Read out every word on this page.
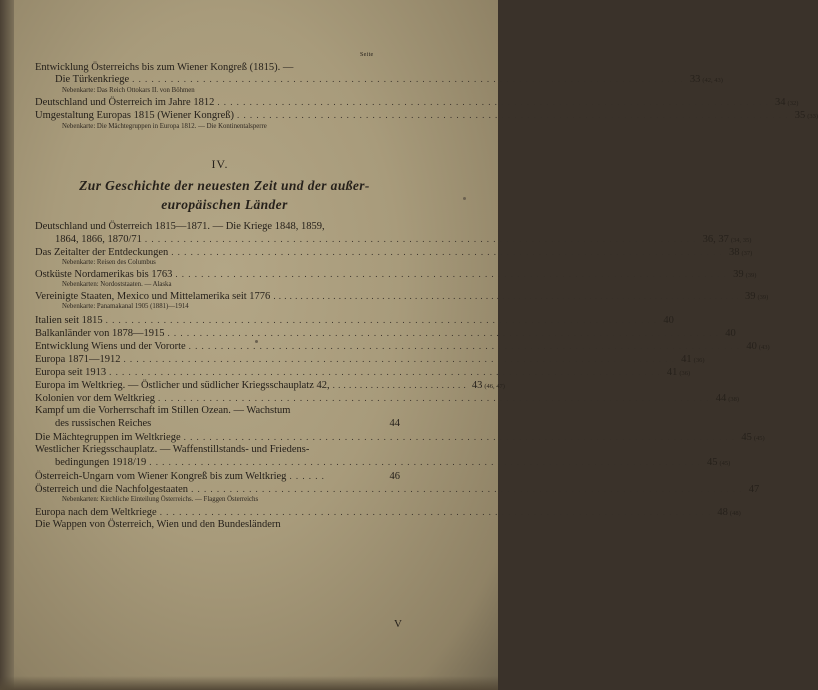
Seite
Entwicklung Österreichs bis zum Wiener Kongreß (1815). —
Die Türkenkriege ...................................................................................... 33 (42, 43)
Nebenkarte: Das Reich Ottokars II. von Böhmen
Deutschland und Österreich im Jahre 1812 ...................................................................................... 34 (32)
Umgestaltung Europas 1815 (Wiener Kongreß) ...................................................................................... 35 (33)
Nebenkarte: Die Mächtegruppen in Europa 1812. — Die Kontinentalsperre
IV.
Zur Geschichte der neuesten Zeit und der außer-
europäischen Länder
Deutschland und Österreich 1815—1871. — Die Kriege 1848, 1859,
1864, 1866, 1870/71 ...................................................................................... 36, 37 (34, 35)
Das Zeitalter der Entdeckungen ...................................................................................... 38 (37)
Nebenkarte: Reisen des Columbus
Ostküste Nordamerikas bis 1763 ...................................................................................... 39 (39)
Nebenkarten: Nordoststaaten. — Alaska
Vereinigte Staaten, Mexico und Mittelamerika seit 1776 ...................................................................................... 39 (39)
Nebenkarte: Panamakanal 1905 (1881)—1914
Italien seit 1815 ...................................................................................... 40
Balkanländer von 1878—1915 ...................................................................................... 40
Entwicklung Wiens und der Vororte ...................................................................................... 40 (43)
Europa 1871—1912 ...................................................................................... 41 (36)
Europa seit 1913 ...................................................................................... 41 (36)
Europa im Weltkrieg. — Östlicher und südlicher Kriegsschauplatz 42, ......................... 43 (46, 47)
Kolonien vor dem Weltkrieg ...................................................................................... 44 (38)
Kampf um die Vorherrschaft im Stillen Ozean. — Wachstum
des russischen Reiches	44
Die Mächtegruppen im Weltkriege ...................................................................................... 45 (45)
Westlicher Kriegsschauplatz. — Waffenstillstands- und Friedens-
bedingungen 1918/19 ...................................................................................... 45 (45)
Österreich-Ungarn vom Wiener Kongreß bis zum Weltkrieg ......	46
Österreich und die Nachfolgestaaten ...................................................................................... 47
Nebenkarten: Kirchliche Einteilung Österreichs. — Flaggen Österreichs
Europa nach dem Weltkriege ...................................................................................... 48 (48)
Die Wappen von Österreich, Wien und den Bundesländern
V
